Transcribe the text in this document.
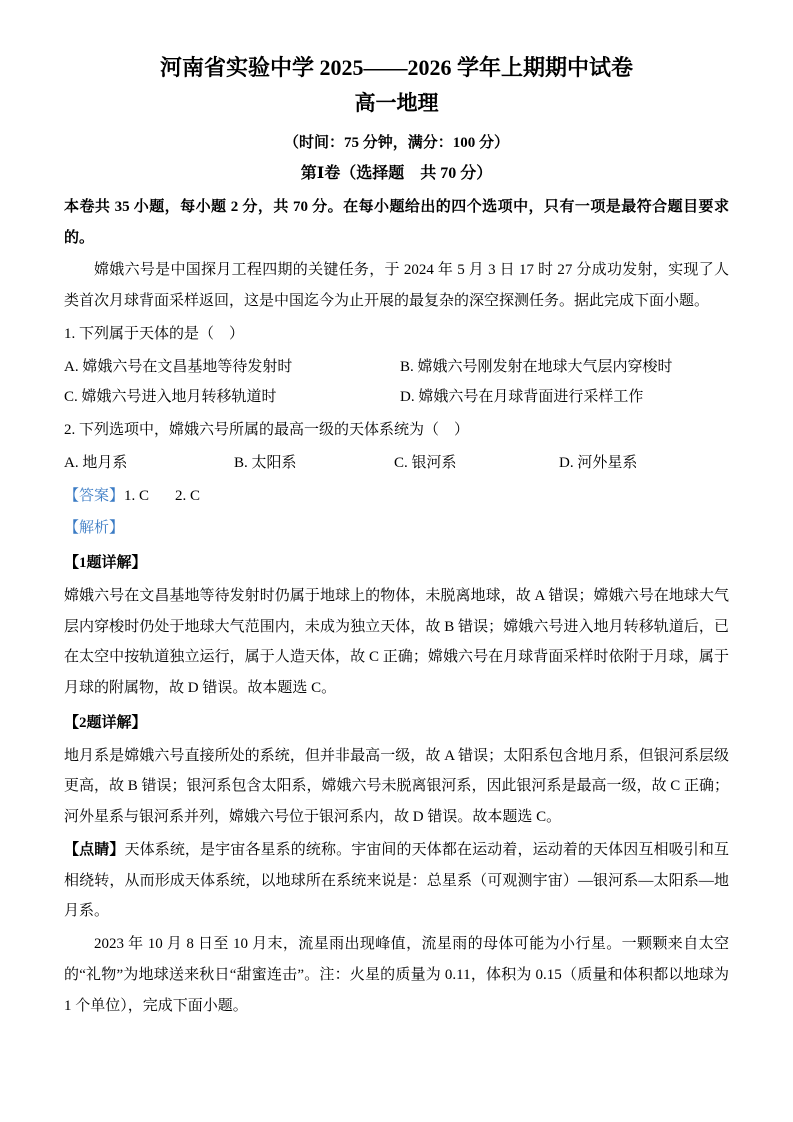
河南省实验中学 2025——2026 学年上期期中试卷
高一地理
（时间：75 分钟，满分：100 分）
第Ⅰ卷（选择题　共 70 分）

本卷共 35 小题，每小题 2 分，共 70 分。在每小题给出的四个选项中，只有一项是最符合题目要求的。

嫦娥六号是中国探月工程四期的关键任务，于 2024 年 5 月 3 日 17 时 27 分成功发射，实现了人类首次月球背面采样返回，这是中国迄今为止开展的最复杂的深空探测任务。据此完成下面小题。

1. 下列属于天体的是（　）
A. 嫦娥六号在文昌基地等待发射时	B. 嫦娥六号刚发射在地球大气层内穿梭时
C. 嫦娥六号进入地月转移轨道时	D. 嫦娥六号在月球背面进行采样工作
2. 下列选项中，嫦娥六号所属的最高一级的天体系统为（　）
A. 地月系	B. 太阳系	C. 银河系	D. 河外星系
【答案】1. C 2. C
【解析】
【1题详解】

嫦娥六号在文昌基地等待发射时仍属于地球上的物体，未脱离地球，故 A 错误；嫦娥六号在地球大气层内穿梭时仍处于地球大气范围内，未成为独立天体，故 B 错误；嫦娥六号进入地月转移轨道后，已在太空中按轨道独立运行，属于人造天体，故 C 正确；嫦娥六号在月球背面采样时依附于月球，属于月球的附属物，故 D 错误。故本题选 C。

【2题详解】

地月系是嫦娥六号直接所处的系统，但并非最高一级，故 A 错误；太阳系包含地月系，但银河系层级更高，故 B 错误；银河系包含太阳系，嫦娥六号未脱离银河系，因此银河系是最高一级，故 C 正确；河外星系与银河系并列，嫦娥六号位于银河系内，故 D 错误。故本题选 C。

【点睛】天体系统，是宇宙各星系的统称。宇宙间的天体都在运动着，运动着的天体因互相吸引和互相绕转，从而形成天体系统，以地球所在系统来说是：总星系（可观测宇宙）—银河系—太阳系—地月系。

2023 年 10 月 8 日至 10 月末，流星雨出现峰值，流星雨的母体可能为小行星。一颗颗来自太空的“礼物”为地球送来秋日“甜蜜连击”。注：火星的质量为 0.11，体积为 0.15（质量和体积都以地球为 1 个单位），完成下面小题。
